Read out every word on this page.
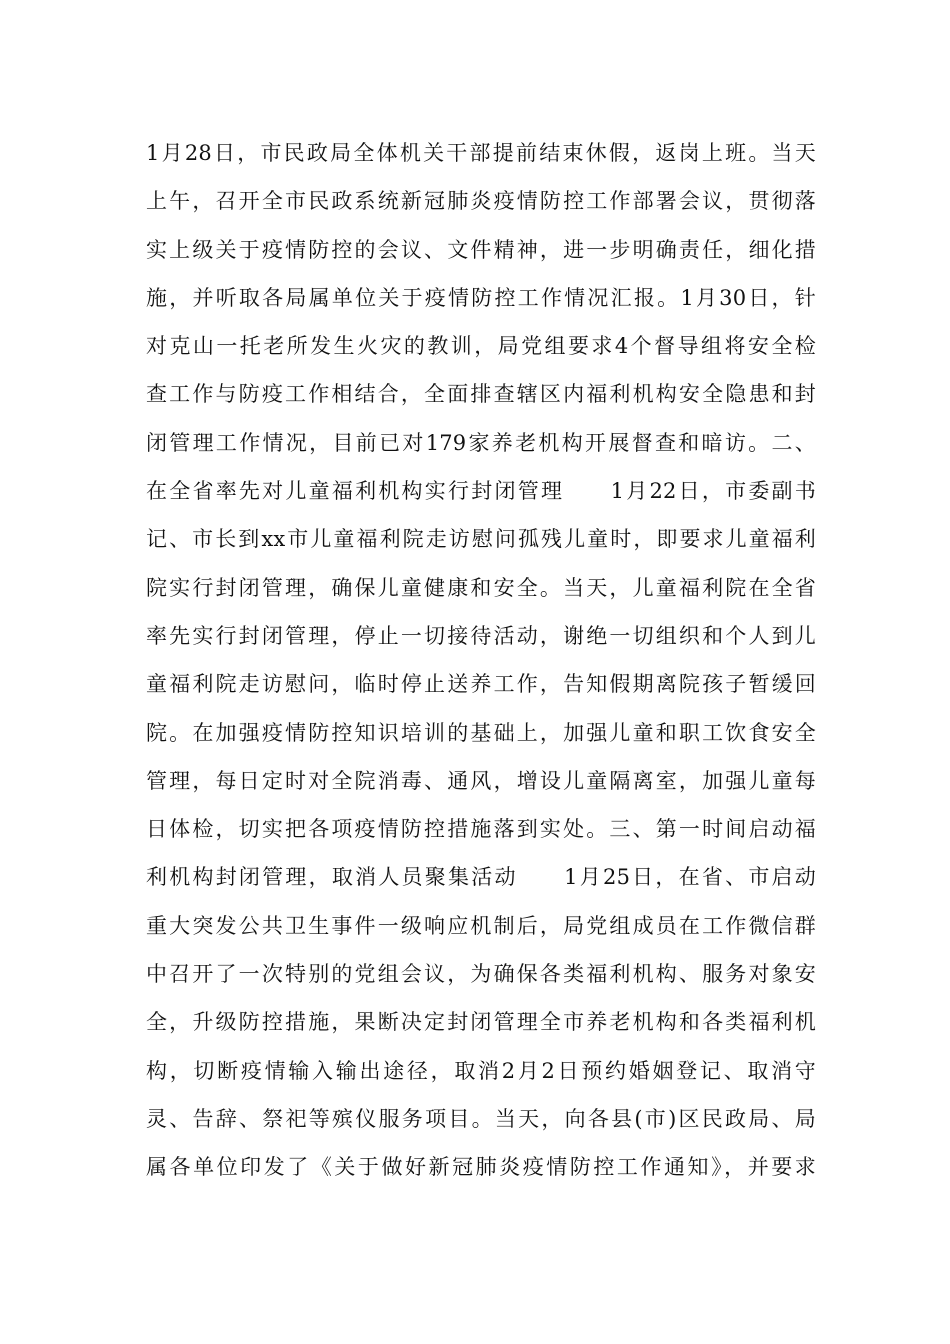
1月28日，市民政局全体机关干部提前结束休假，返岗上班。当天
上午，召开全市民政系统新冠肺炎疫情防控工作部署会议，贯彻落
实上级关于疫情防控的会议、文件精神，进一步明确责任，细化措
施，并听取各局属单位关于疫情防控工作情况汇报。1月30日，针
对克山一托老所发生火灾的教训，局党组要求4个督导组将安全检
查工作与防疫工作相结合，全面排查辖区内福利机构安全隐患和封
闭管理工作情况，目前已对179家养老机构开展督查和暗访。二、
在全省率先对儿童福利机构实行封闭管理　　1月22日，市委副书
记、市长到xx市儿童福利院走访慰问孤残儿童时，即要求儿童福利
院实行封闭管理，确保儿童健康和安全。当天，儿童福利院在全省
率先实行封闭管理，停止一切接待活动，谢绝一切组织和个人到儿
童福利院走访慰问，临时停止送养工作，告知假期离院孩子暂缓回
院。在加强疫情防控知识培训的基础上，加强儿童和职工饮食安全
管理，每日定时对全院消毒、通风，增设儿童隔离室，加强儿童每
日体检，切实把各项疫情防控措施落到实处。三、第一时间启动福
利机构封闭管理，取消人员聚集活动　　1月25日，在省、市启动
重大突发公共卫生事件一级响应机制后，局党组成员在工作微信群
中召开了一次特别的党组会议，为确保各类福利机构、服务对象安
全，升级防控措施，果断决定封闭管理全市养老机构和各类福利机
构，切断疫情输入输出途径，取消2月2日预约婚姻登记、取消守
灵、告辞、祭祀等殡仪服务项目。当天，向各县(市)区民政局、局
属各单位印发了《关于做好新冠肺炎疫情防控工作通知》，并要求
